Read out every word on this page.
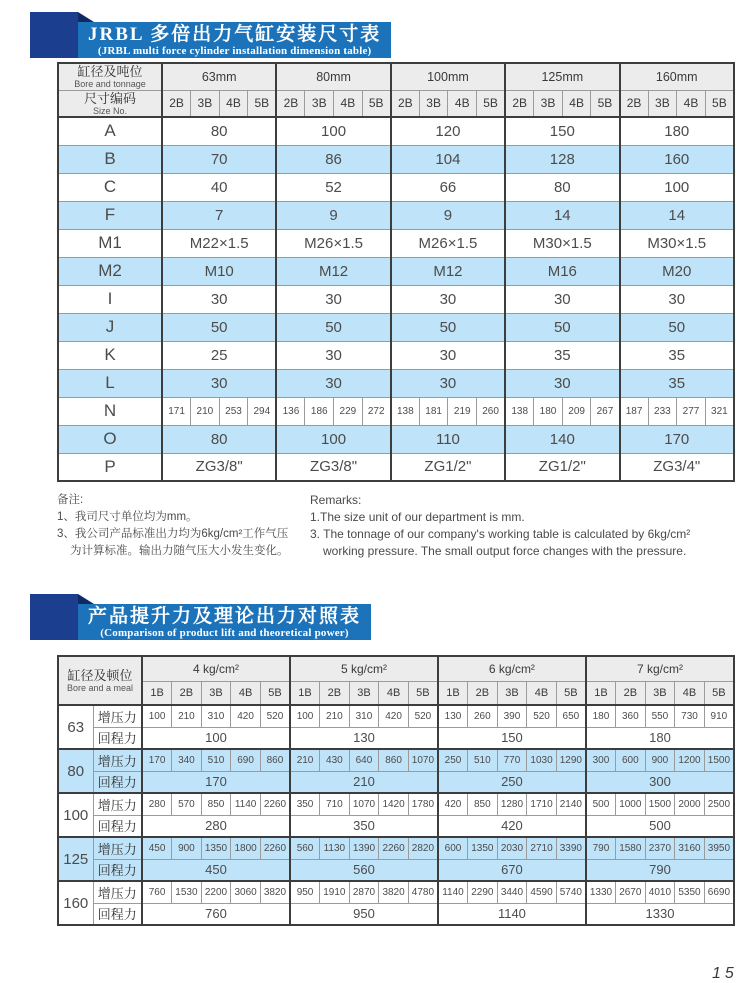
JRBL 多倍出力气缸安装尺寸表
(JRBL multi force cylinder installation dimension table)
缸径及吨位
Bore and tonnage	63mm				80mm				100mm				125mm				160mm			

尺寸编码
Size No.	2B	3B	4B	5B	2B	3B	4B	5B	2B	3B	4B	5B	2B	3B	4B	5B	2B	3B	4B	5B
A	80				100				120				150				180			
B	70				86				104				128				160			
C	40				52				66				80				100			
F	7				9				9				14				14			
M1	M22×1.5				M26×1.5				M26×1.5				M30×1.5				M30×1.5			
M2	M10				M12				M12				M16				M20			
I	30				30				30				30				30			
J	50				50				50				50				50			
K	25				30				30				35				35			
L	30				30				30				30				35			
N	171	210	253	294	136	186	229	272	138	181	219	260	138	180	209	267	187	233	277	321
O	80				100				110				140				170			
P	ZG3/8"				ZG3/8"				ZG1/2"				ZG1/2"				ZG3/4"			
备注:
1、我司尺寸单位均为mm。
3、我公司产品标准出力均为6kg/cm²工作气压
为计算标准。输出力随气压大小发生变化。
Remarks:
1.The size unit of our department is mm.
3. The tonnage of our company's working table is calculated by 6kg/cm²
working pressure. The small output force changes with the pressure.
产品提升力及理论出力对照表
(Comparison of product lift and theoretical power)
缸径及顿位
Bore and a meal		4 kg/cm²					5 kg/cm²					6 kg/cm²					7 kg/cm²				
		1B	2B	3B	4B	5B	1B	2B	3B	4B	5B	1B	2B	3B	4B	5B	1B	2B	3B	4B	5B
63	增压力	100	210	310	420	520	100	210	310	420	520	130	260	390	520	650	180	360	550	730	910
	回程力	100					130					150					180				
80	增压力	170	340	510	690	860	210	430	640	860	1070	250	510	770	1030	1290	300	600	900	1200	1500
	回程力	170					210					250					300				
100	增压力	280	570	850	1140	2260	350	710	1070	1420	1780	420	850	1280	1710	2140	500	1000	1500	2000	2500
	回程力	280					350					420					500				
125	增压力	450	900	1350	1800	2260	560	1130	1390	2260	2820	600	1350	2030	2710	3390	790	1580	2370	3160	3950
	回程力	450					560					670					790				
160	增压力	760	1530	2200	3060	3820	950	1910	2870	3820	4780	1140	2290	3440	4590	5740	1330	2670	4010	5350	6690
	回程力	760					950					1140					1330				
15
